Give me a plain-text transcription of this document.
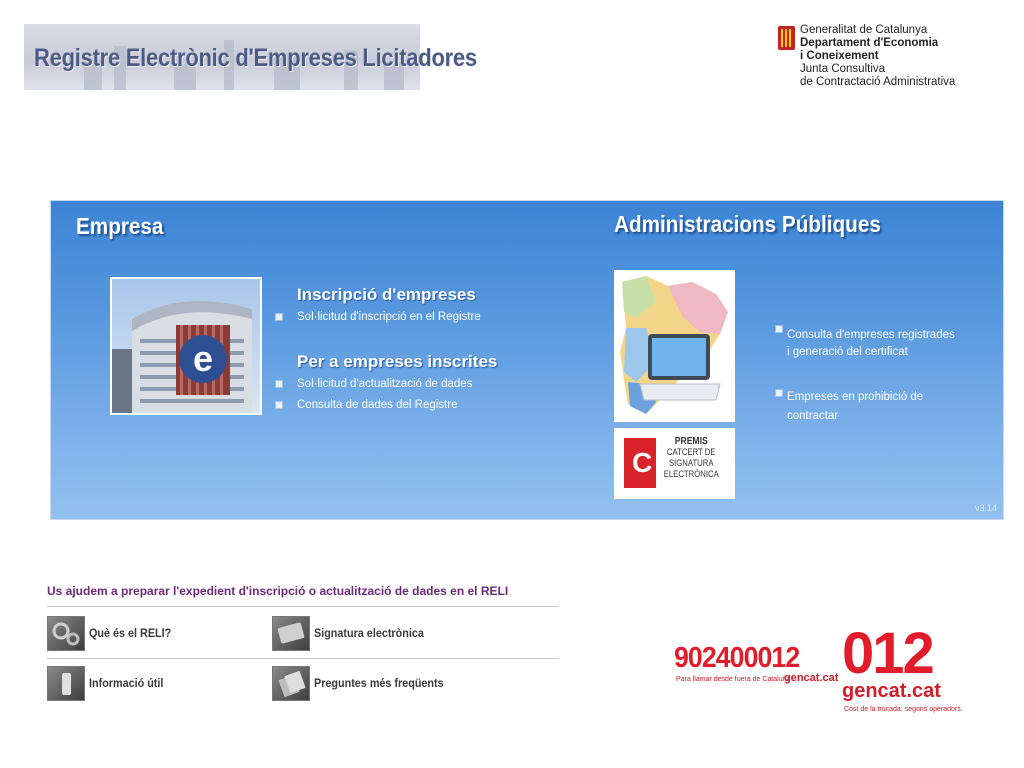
Registre Electrònic d'Empreses Licitadores
Generalitat de Catalunya
Departament d'Economia
i Coneixement
Junta Consultiva
de Contractació Administrativa
Empresa	Administracions Públiques
e
Inscripció d'empreses
Sol·licitud d'inscripció en el Registre
Per a empreses inscrites
Sol·licitud d'actualització de dades
Consulta de dades del Registre
Consulta d'empreses registrades
i generació del certificat
Empreses en prohibició de
contractar
C
PREMIS
CATCERT DE
SIGNATURA
ELECTRÒNICA
v3.14
Us ajudem a preparar l'expedient d'inscripció o actualització de dades en el RELI
Què és el RELI?	Signatura electrònica
Informació útil	Preguntes més freqüents
902400012
Para llamar desde fuera de Cataluña
gencat.cat 012
gencat.cat
Cost de la trucada: segons operadors.
